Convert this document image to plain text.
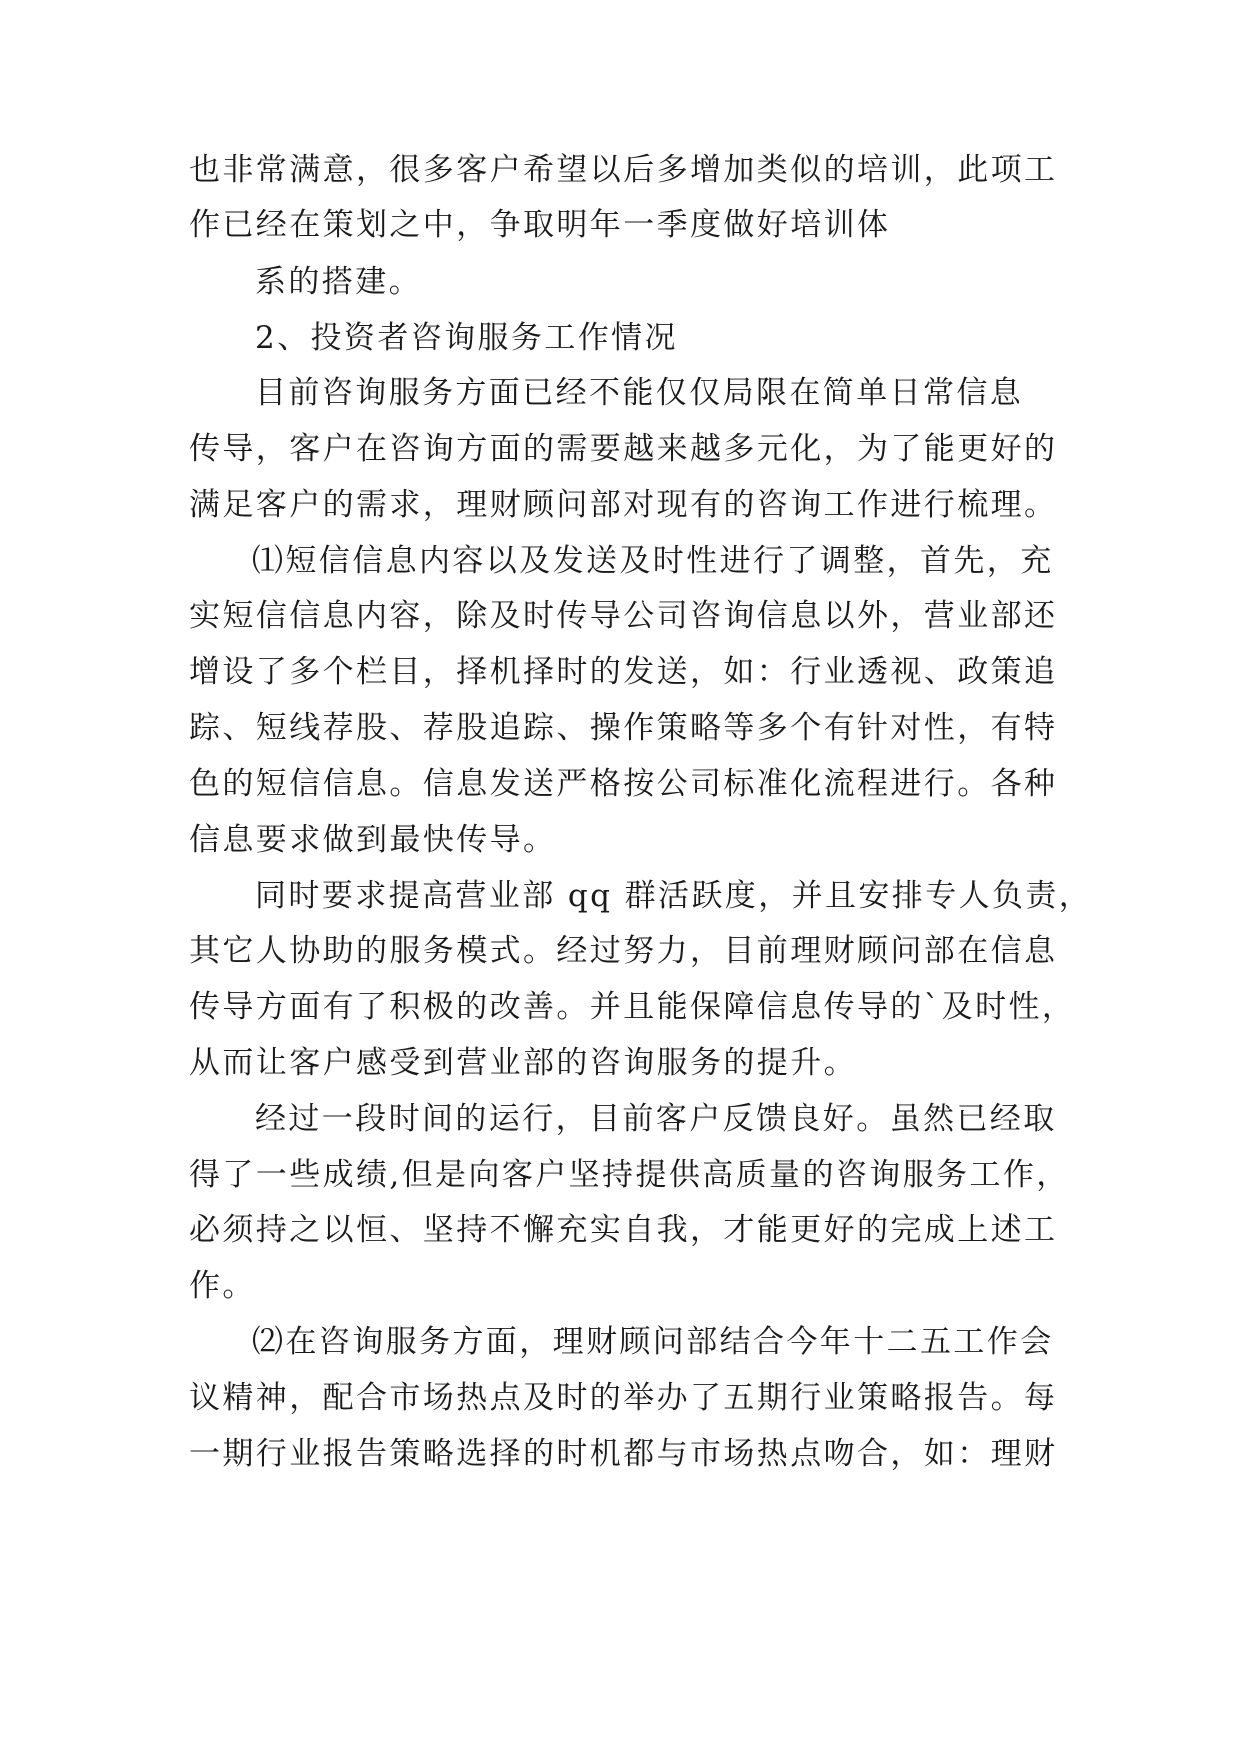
也非常满意，很多客户希望以后多增加类似的培训，此项工
作已经在策划之中，争取明年一季度做好培训体
系的搭建。
2、投资者咨询服务工作情况
目前咨询服务方面已经不能仅仅局限在简单日常信息
传导，客户在咨询方面的需要越来越多元化，为了能更好的
满足客户的需求，理财顾问部对现有的咨询工作进行梳理。
⑴短信信息内容以及发送及时性进行了调整，首先，充
实短信信息内容，除及时传导公司咨询信息以外，营业部还
增设了多个栏目，择机择时的发送，如：行业透视、政策追
踪、短线荐股、荐股追踪、操作策略等多个有针对性，有特
色的短信信息。信息发送严格按公司标准化流程进行。各种
信息要求做到最快传导。
同时要求提高营业部 qq 群活跃度，并且安排专人负责，
其它人协助的服务模式。经过努力，目前理财顾问部在信息
传导方面有了积极的改善。并且能保障信息传导的`及时性，
从而让客户感受到营业部的咨询服务的提升。
经过一段时间的运行，目前客户反馈良好。虽然已经取
得了一些成绩,但是向客户坚持提供高质量的咨询服务工作，
必须持之以恒、坚持不懈充实自我，才能更好的完成上述工
作。
⑵在咨询服务方面，理财顾问部结合今年十二五工作会
议精神，配合市场热点及时的举办了五期行业策略报告。每
一期行业报告策略选择的时机都与市场热点吻合，如：理财
